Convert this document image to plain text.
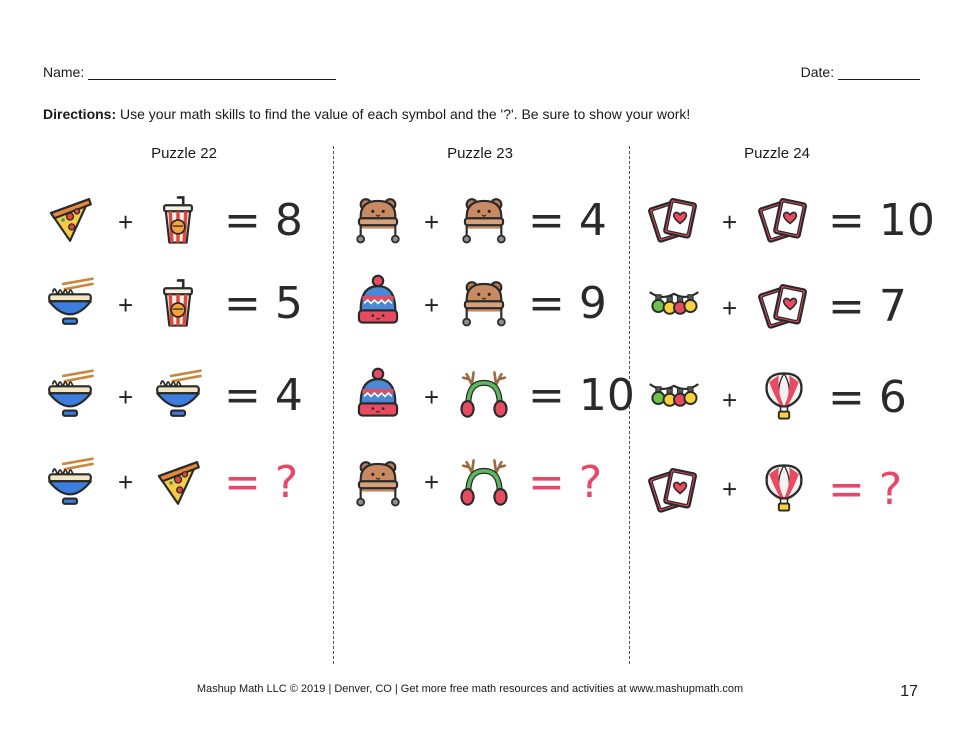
Name:	Date:
Directions: Use your math skills to find the value of each symbol and the '?'. Be sure to show your work!
Puzzle 22	Puzzle 23	Puzzle 24
+ = 8
+ = 5
+ = 4
+ = ?
+ = 4
+ = 9
+ = 10
+ = ?
+ = 10
+ = 7
+ = 6
+ = ?
Mashup Math LLC © 2019 | Denver, CO | Get more free math resources and activities at www.mashupmath.com	17
